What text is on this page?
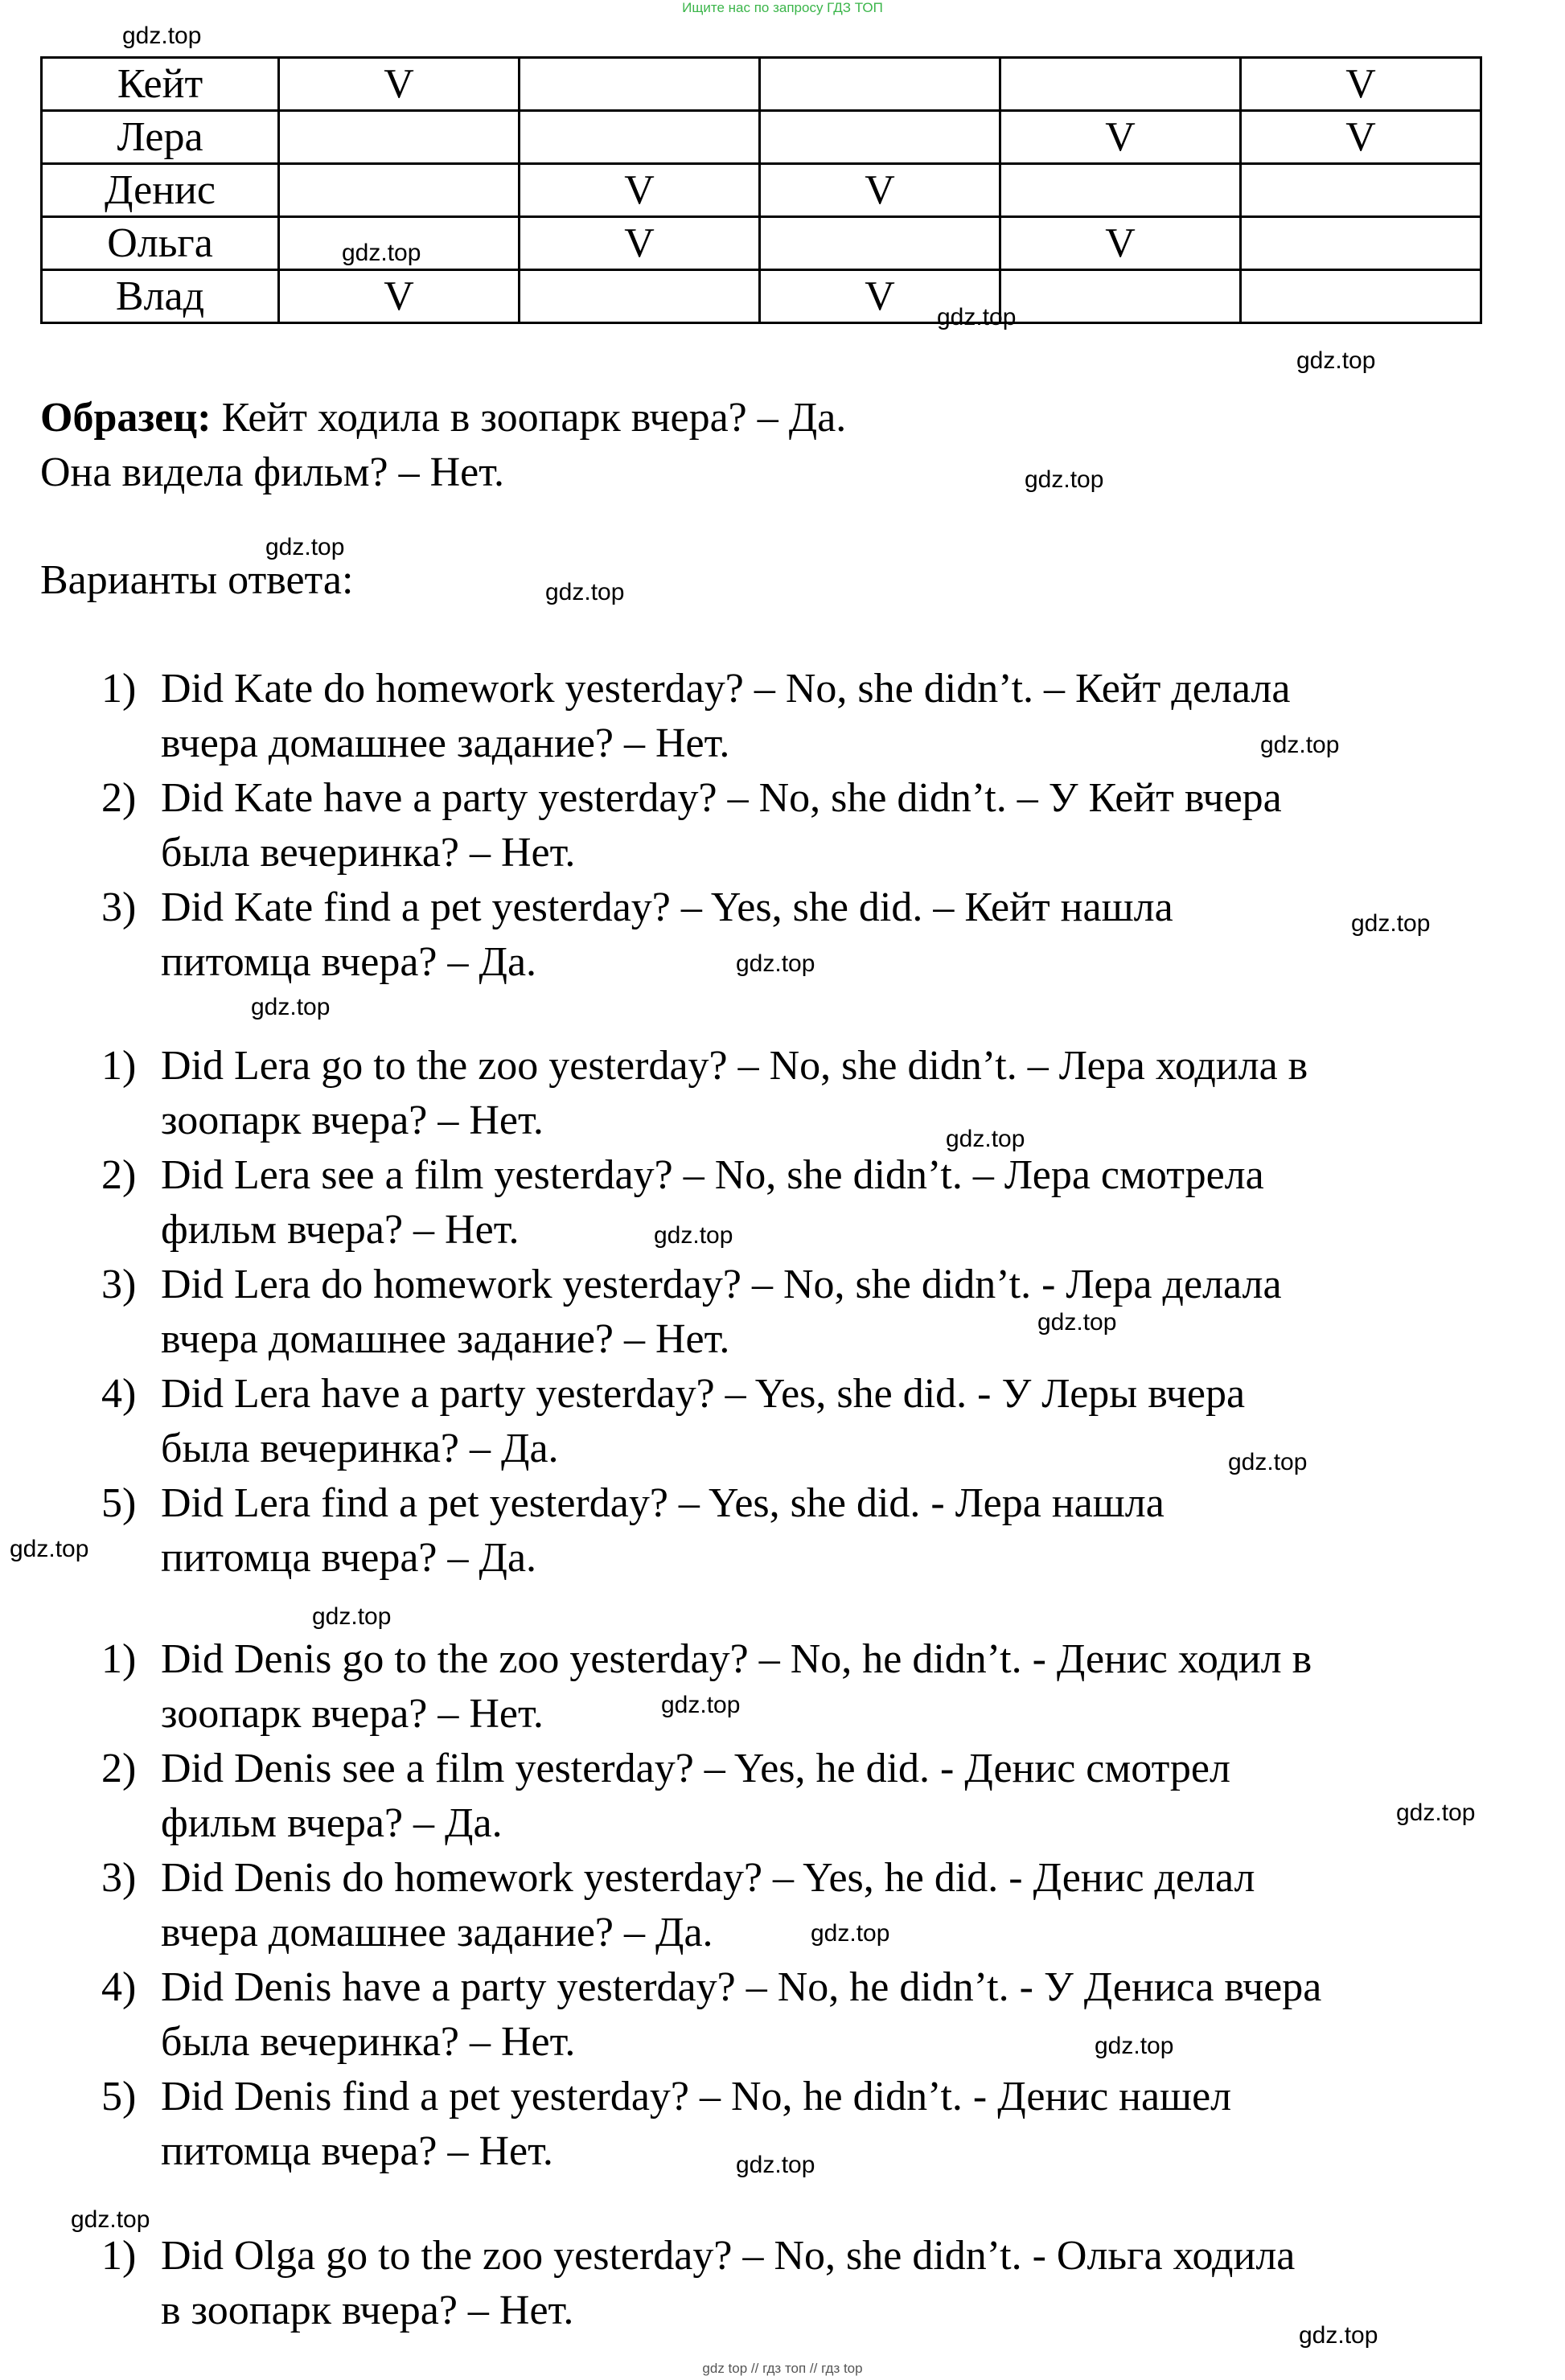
Ищите нас по запросу ГДЗ ТОП
gdz.top
gdz.top
gdz.top
gdz.top
gdz.top
gdz.top
gdz.top
gdz.top
gdz.top
gdz.top
gdz.top
gdz.top
gdz.top
gdz.top
gdz.top
gdz.top
gdz.top
gdz.top
gdz.top
gdz.top
gdz.top
gdz.top
gdz.top
gdz.top
Кейт	V				V
Лера				V	V
Денис		V	V		
Ольга		V		V	
Влад	V		V		
Образец: Кейт ходила в зоопарк вчера? – Да.
Она видела фильм? – Нет.
Варианты ответа:
1) Did Kate do homework yesterday? – No, she didn’t. – Кейт делала
вчера домашнее задание? – Нет.
2) Did Kate have a party yesterday? – No, she didn’t. – У Кейт вчера
была вечеринка? – Нет.
3) Did Kate find a pet yesterday? – Yes, she did. – Кейт нашла
питомца вчера? – Да.
1) Did Lera go to the zoo yesterday? – No, she didn’t. – Лера ходила в
зоопарк вчера? – Нет.
2) Did Lera see a film yesterday? – No, she didn’t. – Лера смотрела
фильм вчера? – Нет.
3) Did Lera do homework yesterday? – No, she didn’t. - Лера делала
вчера домашнее задание? – Нет.
4) Did Lera have a party yesterday? – Yes, she did. - У Леры вчера
была вечеринка? – Да.
5) Did Lera find a pet yesterday? – Yes, she did. - Лера нашла
питомца вчера? – Да.
1) Did Denis go to the zoo yesterday? – No, he didn’t. - Денис ходил в
зоопарк вчера? – Нет.
2) Did Denis see a film yesterday? – Yes, he did. - Денис смотрел
фильм вчера? – Да.
3) Did Denis do homework yesterday? – Yes, he did. - Денис делал
вчера домашнее задание? – Да.
4) Did Denis have a party yesterday? – No, he didn’t. - У Дениса вчера
была вечеринка? – Нет.
5) Did Denis find a pet yesterday? – No, he didn’t. - Денис нашел
питомца вчера? – Нет.
1) Did Olga go to the zoo yesterday? – No, she didn’t. - Ольга ходила
в зоопарк вчера? – Нет.
gdz top // гдз топ // гдз top
